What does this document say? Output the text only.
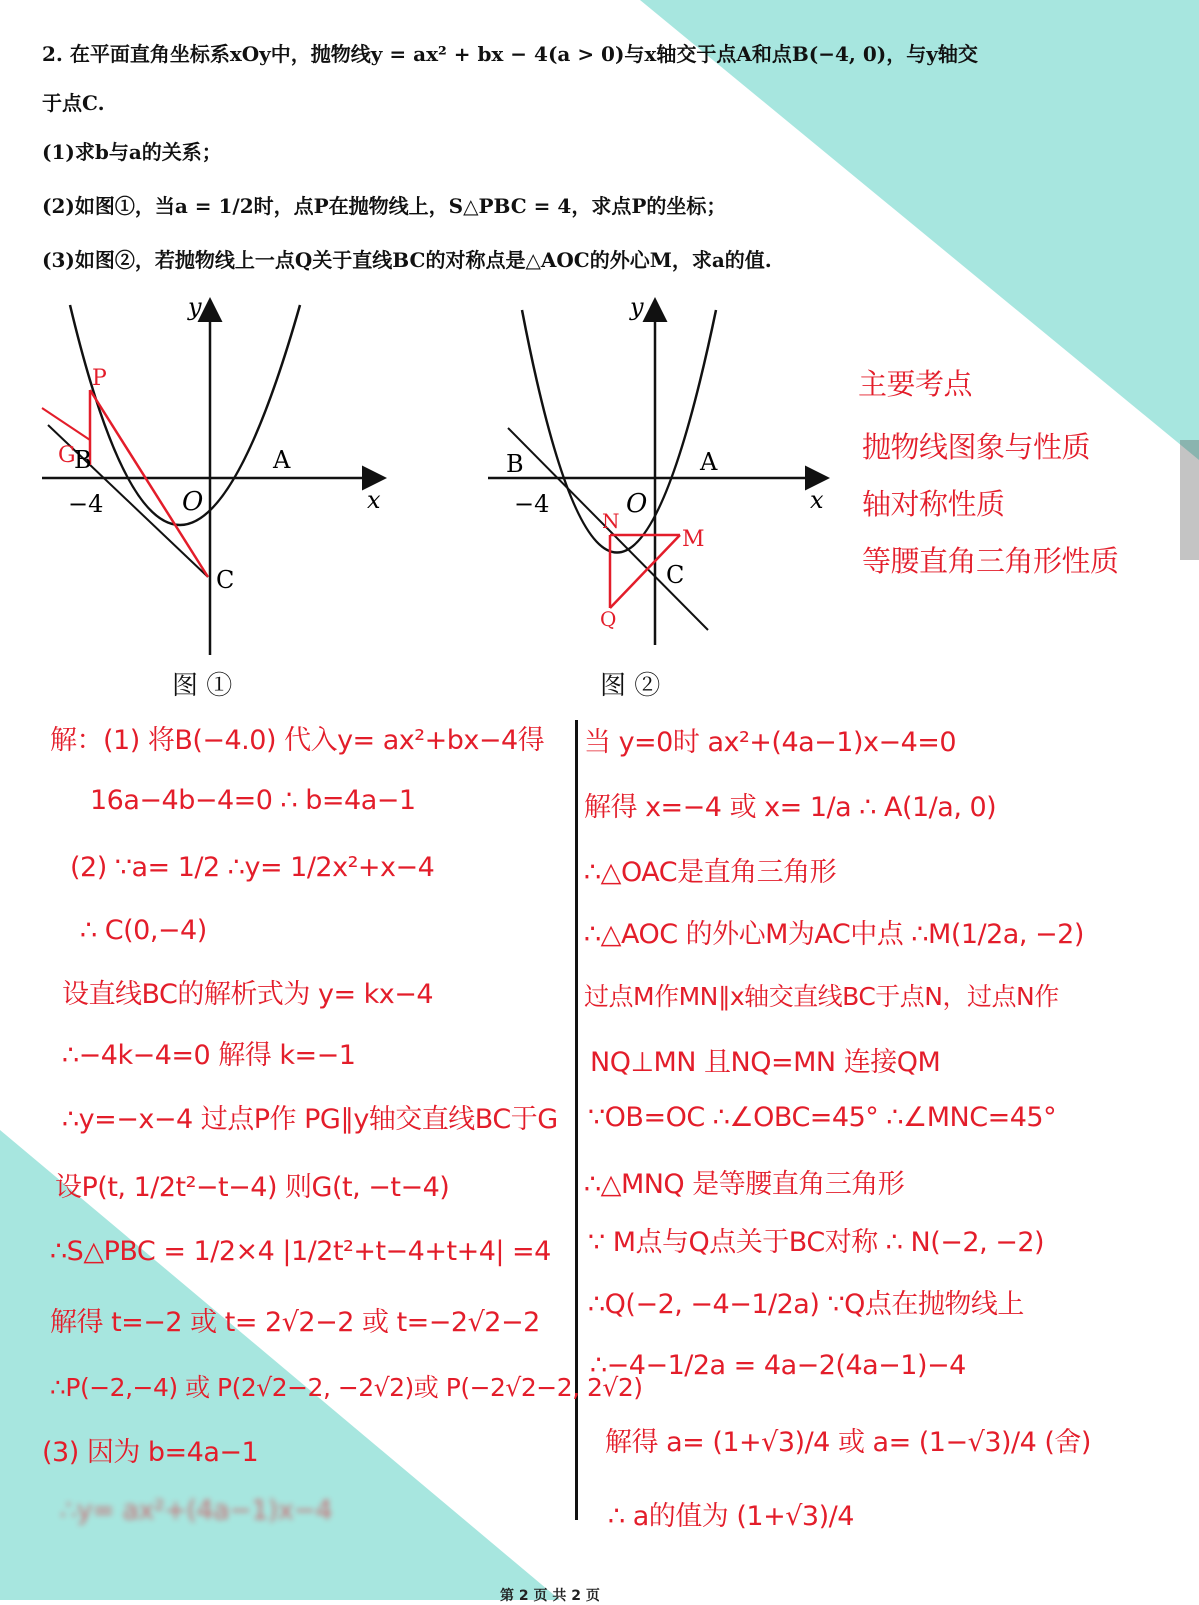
2. 在平面直角坐标系xOy中，抛物线y = ax² + bx − 4(a > 0)与x轴交于点A和点B(−4, 0)，与y轴交
于点C.
(1)求b与a的关系；
(2)如图①，当a = 1/2时，点P在抛物线上，S△PBC = 4，求点P的坐标；
(3)如图②，若抛物线上一点Q关于直线BC的对称点是△AOC的外心M，求a的值.
y
x
O
A
B
C
P
G
−4
图 ①
y
x
O
A
B
C
M
N
Q
−4
图 ②
主要考点
抛物线图象与性质
轴对称性质
等腰直角三角形性质
解：(1) 将B(−4.0) 代入y= ax²+bx−4得
16a−4b−4=0 ∴ b=4a−1
(2) ∵a= 1/2 ∴y= 1/2x²+x−4
∴ C(0,−4)
设直线BC的解析式为 y= kx−4
∴−4k−4=0 解得 k=−1
∴y=−x−4 过点P作 PG∥y轴交直线BC于G
设P(t, 1/2t²−t−4) 则G(t, −t−4)
∴S△PBC = 1/2×4 |1/2t²+t−4+t+4| =4
解得 t=−2 或 t= 2√2−2 或 t=−2√2−2
∴P(−2,−4) 或 P(2√2−2, −2√2)或 P(−2√2−2, 2√2)
(3) 因为 b=4a−1
∴y= ax²+(4a−1)x−4
当 y=0时 ax²+(4a−1)x−4=0
解得 x=−4 或 x= 1/a ∴ A(1/a, 0)
∴△OAC是直角三角形
∴△AOC 的外心M为AC中点 ∴M(1/2a, −2)
过点M作MN∥x轴交直线BC于点N，过点N作
NQ⊥MN 且NQ=MN 连接QM
∵OB=OC ∴∠OBC=45° ∴∠MNC=45°
∴△MNQ 是等腰直角三角形
∵ M点与Q点关于BC对称 ∴ N(−2, −2)
∴Q(−2, −4−1/2a) ∵Q点在抛物线上
∴−4−1/2a = 4a−2(4a−1)−4
解得 a= (1+√3)/4 或 a= (1−√3)/4 (舍)
∴ a的值为 (1+√3)/4
第 2 页 共 2 页
